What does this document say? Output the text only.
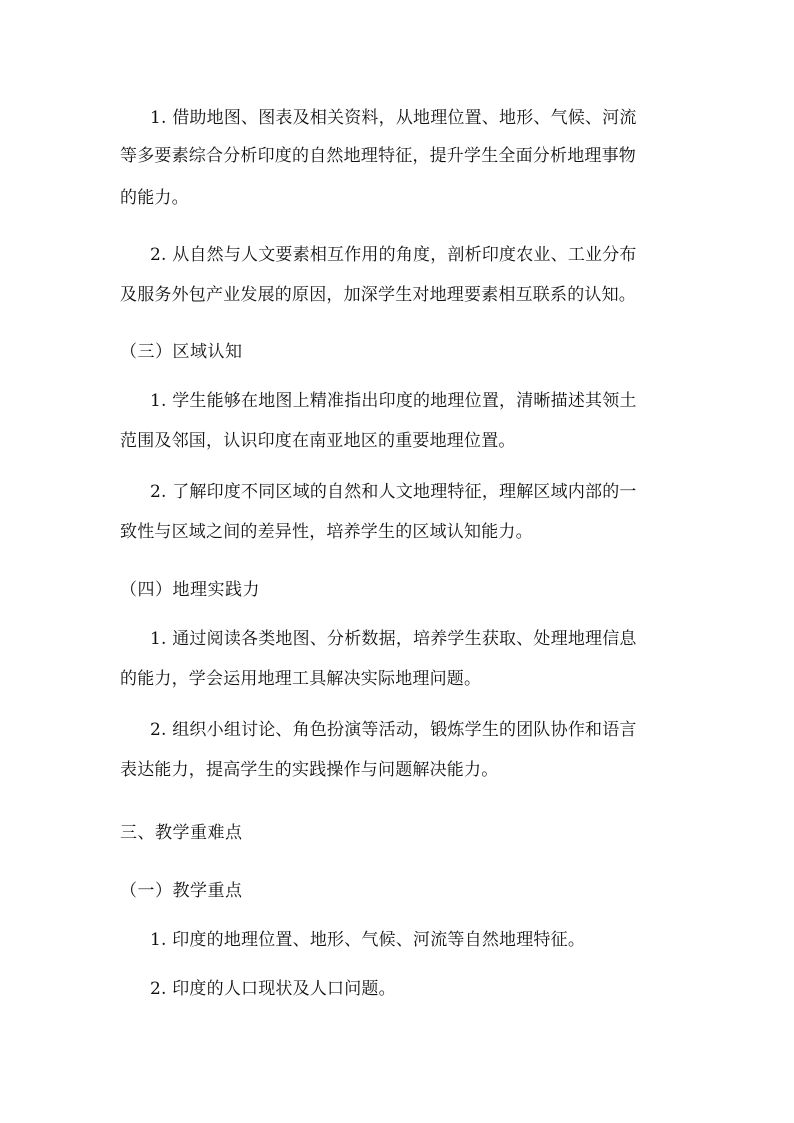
1. 借助地图、图表及相关资料，从地理位置、地形、气候、河流
等多要素综合分析印度的自然地理特征，提升学生全面分析地理事物
的能力。
2. 从自然与人文要素相互作用的角度，剖析印度农业、工业分布
及服务外包产业发展的原因，加深学生对地理要素相互联系的认知。
（三）区域认知
1. 学生能够在地图上精准指出印度的地理位置，清晰描述其领土
范围及邻国，认识印度在南亚地区的重要地理位置。
2. 了解印度不同区域的自然和人文地理特征，理解区域内部的一
致性与区域之间的差异性，培养学生的区域认知能力。
（四）地理实践力
1. 通过阅读各类地图、分析数据，培养学生获取、处理地理信息
的能力，学会运用地理工具解决实际地理问题。
2. 组织小组讨论、角色扮演等活动，锻炼学生的团队协作和语言
表达能力，提高学生的实践操作与问题解决能力。
三、教学重难点
（一）教学重点
1. 印度的地理位置、地形、气候、河流等自然地理特征。
2. 印度的人口现状及人口问题。
